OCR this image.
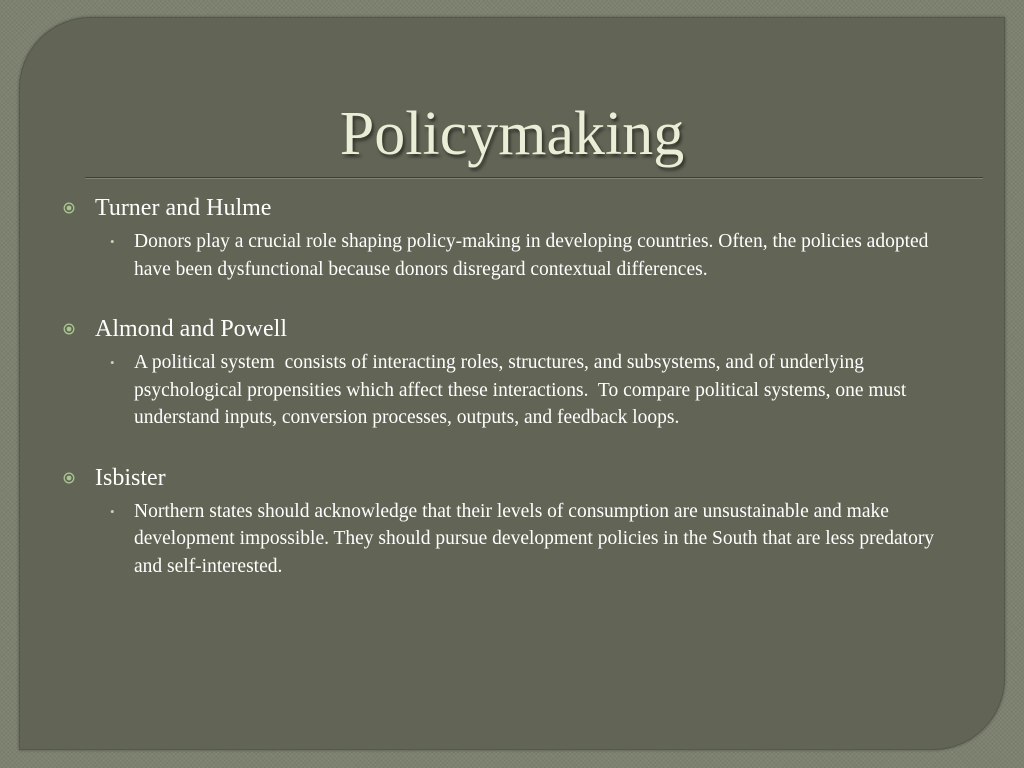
Policymaking
Turner and Hulme
• Donors play a crucial role shaping policy-making in developing countries. Often, the policies adopted have been dysfunctional because donors disregard contextual differences.
Almond and Powell
• A political system  consists of interacting roles, structures, and subsystems, and of underlying psychological propensities which affect these interactions.  To compare political systems, one must understand inputs, conversion processes, outputs, and feedback loops.
Isbister
• Northern states should acknowledge that their levels of consumption are unsustainable and make development impossible. They should pursue development policies in the South that are less predatory and self-interested.
